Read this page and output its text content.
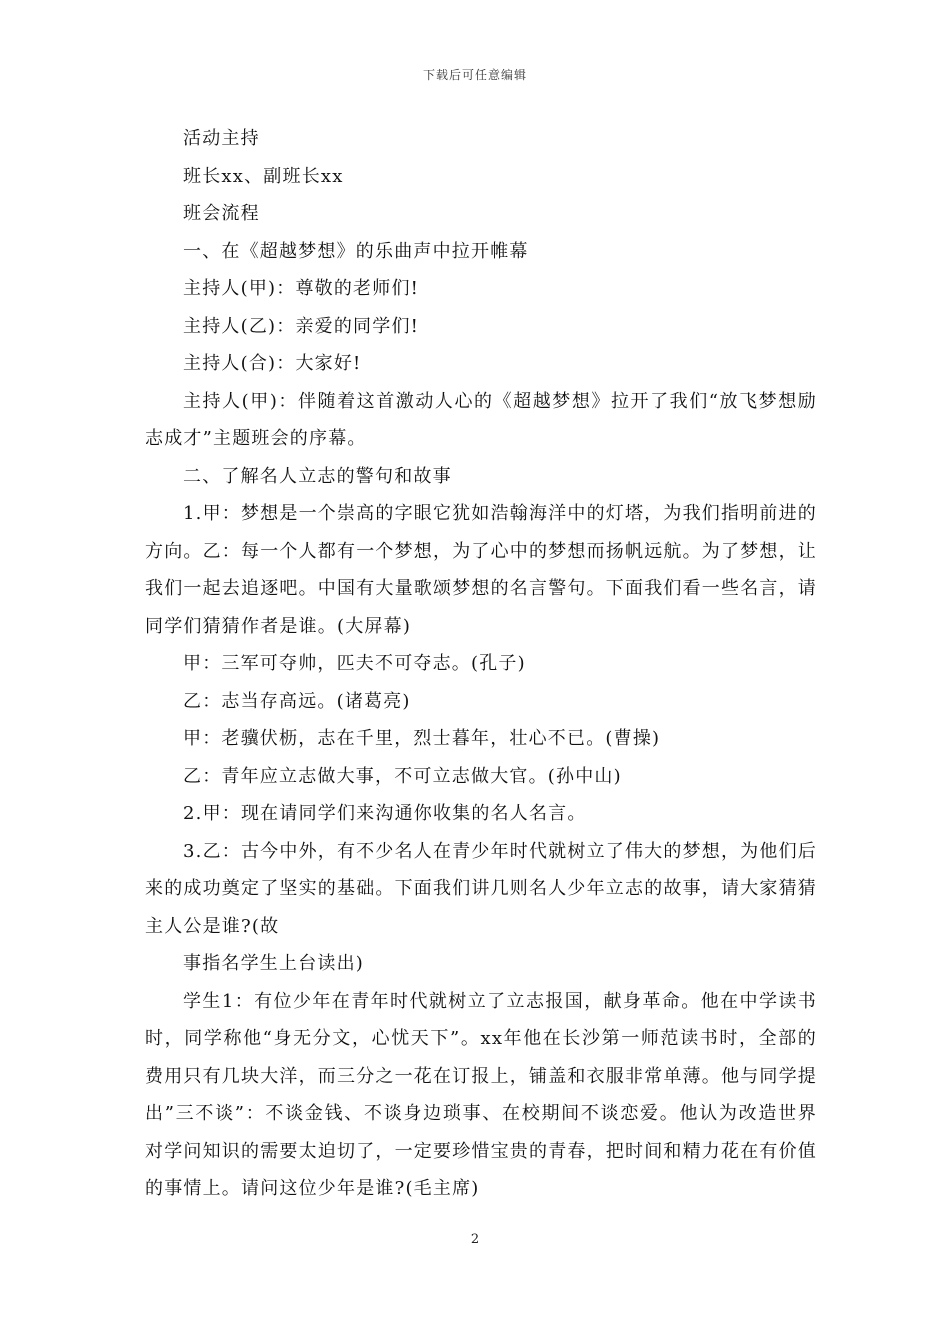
下载后可任意编辑

活动主持

班长xx、副班长xx

班会流程

一、在《超越梦想》的乐曲声中拉开帷幕

主持人(甲)：尊敬的老师们!

主持人(乙)：亲爱的同学们!

主持人(合)：大家好!

主持人(甲)：伴随着这首激动人心的《超越梦想》拉开了我们“放飞梦想励志成才”主题班会的序幕。

二、了解名人立志的警句和故事

1.甲：梦想是一个崇高的字眼它犹如浩翰海洋中的灯塔，为我们指明前进的方向。乙：每一个人都有一个梦想，为了心中的梦想而扬帆远航。为了梦想，让我们一起去追逐吧。中国有大量歌颂梦想的名言警句。下面我们看一些名言，请同学们猜猜作者是谁。(大屏幕)

甲：三军可夺帅，匹夫不可夺志。(孔子)

乙：志当存高远。(诸葛亮)

甲：老骥伏枥，志在千里，烈士暮年，壮心不已。(曹操)

乙：青年应立志做大事，不可立志做大官。(孙中山)

2.甲：现在请同学们来沟通你收集的名人名言。

3.乙：古今中外，有不少名人在青少年时代就树立了伟大的梦想，为他们后来的成功奠定了坚实的基础。下面我们讲几则名人少年立志的故事，请大家猜猜主人公是谁?(故

事指名学生上台读出)

学生1：有位少年在青年时代就树立了立志报国，献身革命。他在中学读书时，同学称他“身无分文，心忧天下”。xx年他在长沙第一师范读书时，全部的费用只有几块大洋，而三分之一花在订报上，铺盖和衣服非常单薄。他与同学提出”三不谈”：不谈金钱、不谈身边琐事、在校期间不谈恋爱。他认为改造世界对学问知识的需要太迫切了，一定要珍惜宝贵的青春，把时间和精力花在有价值的事情上。请问这位少年是谁?(毛主席)

2
